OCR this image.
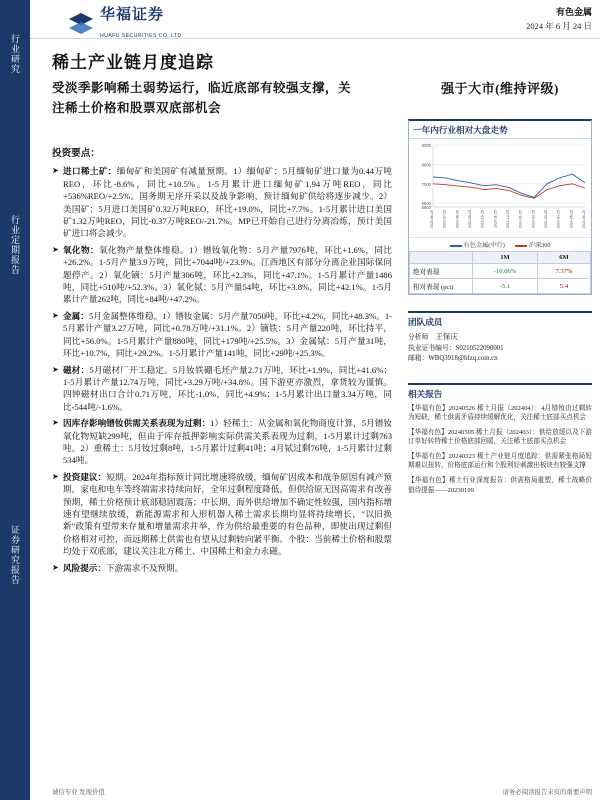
行业研究
行业定期报告
证券研究报告
华福证券
HUAFU SECURITIES CO.,LTD.
有色金属
2024 年 6 月 24 日
稀土产业链月度追踪
受淡季影响稀土弱势运行，临近底部有较强支撑，关注稀土价格和股票双底部机会
投资要点：
➤ 进口稀土矿：缅甸矿和美国矿有减量预期。1）缅甸矿：5月缅甸矿进口量为0.44万吨REO，环比-8.6%，同比+10.5%。1-5月累计进口缅甸矿1.94万吨REO，同比+536%REO/+2.5%。国务期无序开采以及战争影响，预计缅甸矿供给将逐步减少。2）美国矿：5月进口美国矿0.32万吨REO，环比+19.0%，同比+7.7%。1-5月累计进口美国矿1.32万吨REO，同比-0.37万吨REO/-21.7%。MP已开始自己进行分离冶炼，预计美国矿进口将会减少。
➤ 氧化物：氧化物产量整体维稳。1）镨钕氧化物：5月产量7976吨，环比+1.6%，同比+26.2%。1-5月产量3.9万吨，同比+7044吨/+23.9%。江西地区有部分分离企业国际保问题停产。2）氧化镝：5月产量306吨，环比+2.3%，同比+47.1%。1-5月累计产量1486吨，同比+510吨/+52.3%。3）氧化铽：5月产量54吨，环比+3.8%，同比+42.1%。1-5月累计产量262吨，同比+84吨/+47.2%。
➤ 金属：5月金属整体维稳。1）镨钕金属：5月产量7050吨，环比+4.2%，同比+48.3%。1-5月累计产量3.27万吨，同比+0.78万吨/+31.1%。2）镝铁：5月产量220吨，环比持平，同比+56.0%。1-5月累计产量880吨，同比+179吨/+25.5%。3）金属铽：5月产量31吨，环比+10.7%，同比+29.2%。1-5月累计产量141吨，同比+29吨/+25.3%。
➤ 磁材：5月磁材厂开工稳定。5月钕铁硼毛坯产量2.71万吨，环比+1.9%，同比+41.6%；1-5月累计产量12.74万吨，同比+3.29万吨/+34.8%。国下游更亦激烈，拿货较为谨慎。四钟磁材出口合计0.71万吨，环比-1.0%，同比+4.9%；1-5月累计出口量3.34万吨，同比-544吨/-1.6%。
➤ 因库存影响镨钕供需关系表现为过剩：1）轻稀土：从金属和氧化物商度计算，5月镨钕氧化物短缺299吨，但由于库存抵押影响实际供需关系表现为过剩，1-5月累计过剩763吨。2）重稀土：5月钕过剩8吨，1-5月累计过剩41吨；4月铽过剩76吨，1-5月累计过剩534吨。
➤ 投资建议：短期，2024年指标预计同比增速将放缓，缅甸矿因成本和战争原因有减产预期，家电和电车等终端需求持续向好，全年过剩程度降低，但供给原无因高需求有改善预期，稀土价格预计底部稳固震荡；中长期，海外供给增加不确定性较强，国内指标增速有望继续放缓，新能源需求和人形机器人稀土需求长期均显将持续增长，"以旧换新"政策有望带来存量和增量需求并举，作为供给最重要的有色品种，即使出现过剩但价格相对可控，而远期稀土供需也有望从过剩转向紧平衡。个股：当前稀土价格和股票均处于双底部，建议关注北方稀土、中国稀土和金力永磁。
➤ 风险提示：下游需求不及预期。
强于大市(维持评级)
一年内行业相对大盘走势
9000
8000
7000
6000
5800
2023-06-25 2023-07-25 2023-08-25 2023-09-25 2023-10-25 2023-11-25 2023-12-25 2024-01-25 2024-02-25 2024-03-25 2024-04-25 2024-05-25 2024-06-25
有色金属(中行)	沪深300
	1M	6M
绝对表现	-10.06%	7.37%
相对表现 (pct)	-5.1	5.4
团队成员
分析师 王保庆
执业证书编号：S0210522090001
邮箱：WBQ3918@hfzq.com.cn
相关报告
【华福有色】20240526 稀土月报（202404）：4月镨钕由过剩转为短缺，稀土供需矛盾持续缓解优化，关注稀土底部买点机会
【华福有色】20240505 稀土月报（202403）：供给放缓以及下游订单好转特稀土价格底部回暖，关注稀土底部买点机会
【华福有色】20240323 稀土产业链月度追踪：供需紧张格局短期难以扭转，价格底部运行和个股利好刺激出板块有较强支撑
【华福有色】稀土行业深度报告：供需格局重塑，稀土战略价值待提振——20230109
诚信专业 发现价值	请务必阅读报告末页的重要声明
